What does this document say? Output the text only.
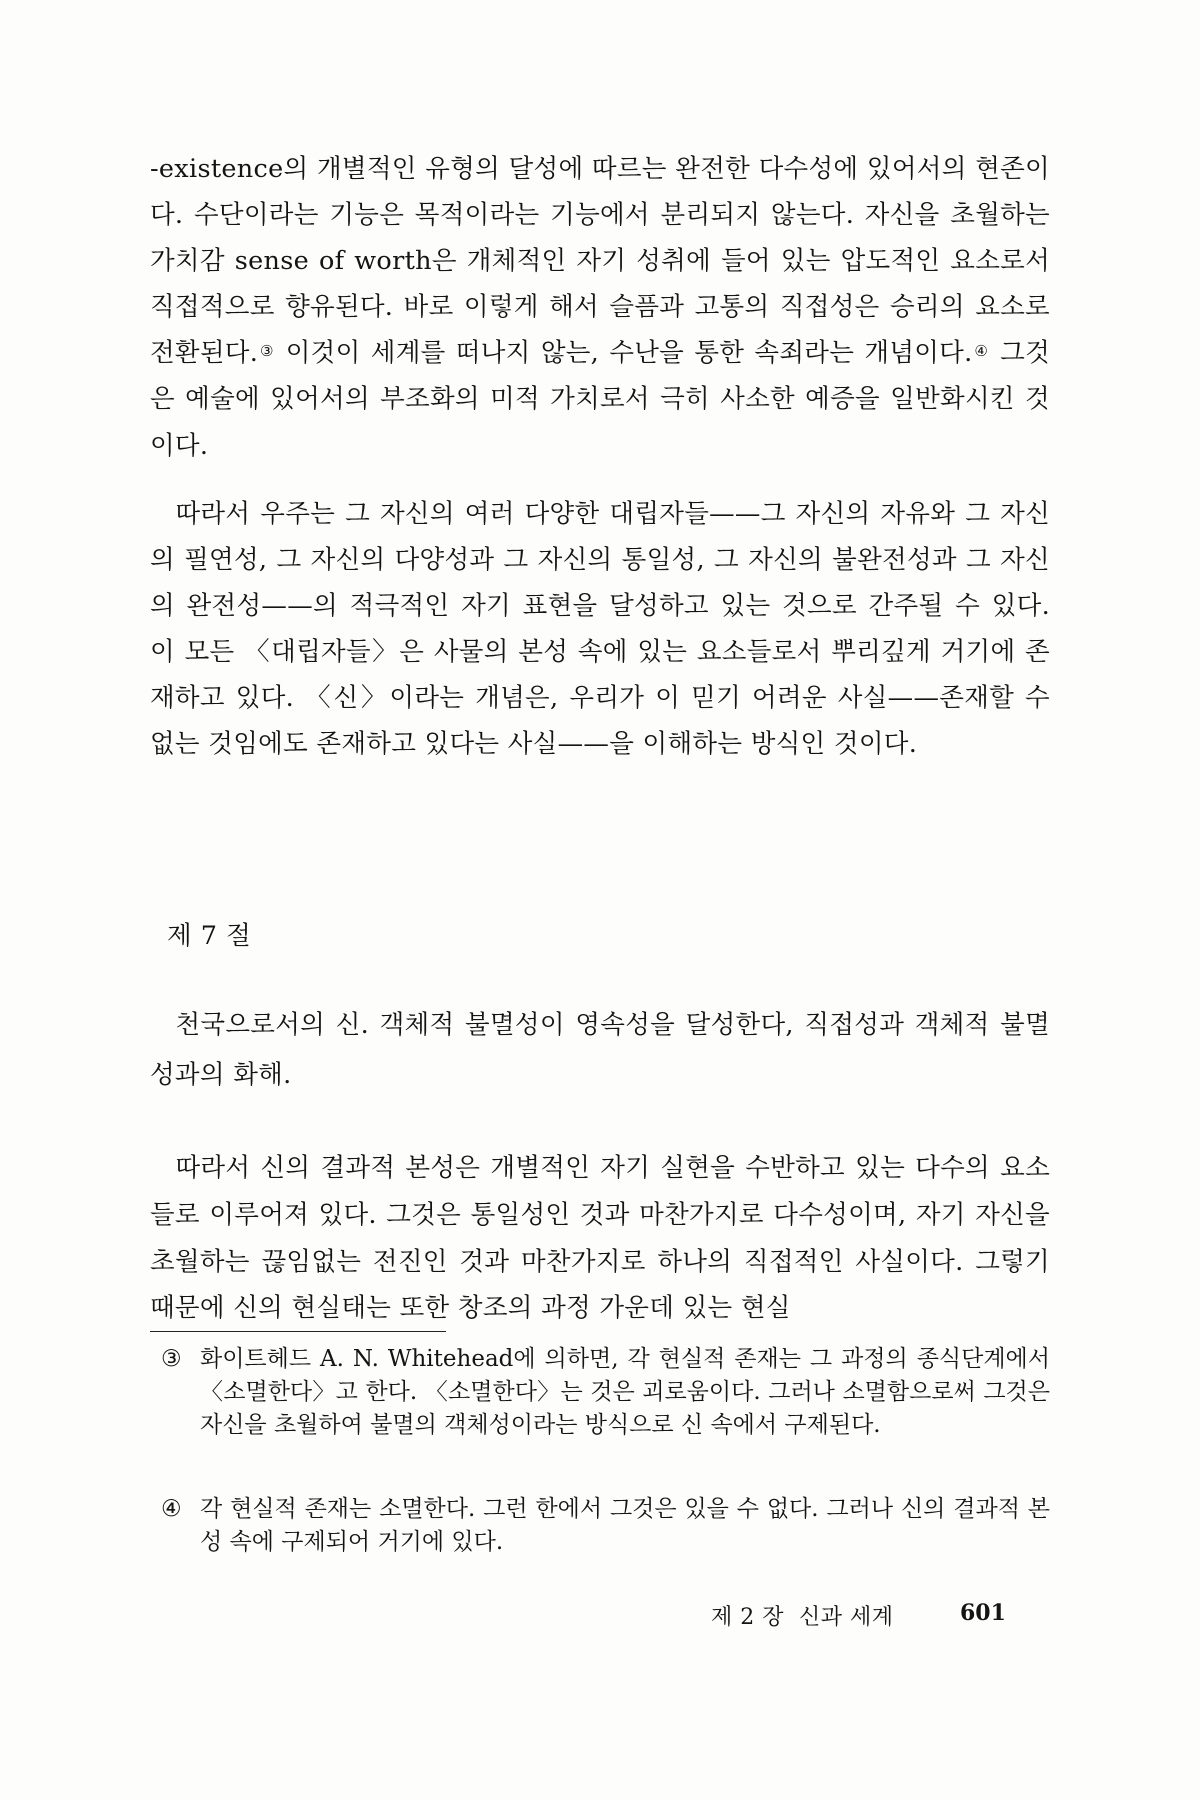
-existence의 개별적인 유형의 달성에 따르는 완전한 다수성에 있어서의 현존이다. 수단이라는 기능은 목적이라는 기능에서 분리되지 않는다. 자신을 초월하는 가치감 sense of worth은 개체적인 자기 성취에 들어 있는 압도적인 요소로서 직접적으로 향유된다. 바로 이렇게 해서 슬픔과 고통의 직접성은 승리의 요소로 전환된다.③ 이것이 세계를 떠나지 않는, 수난을 통한 속죄라는 개념이다.④ 그것은 예술에 있어서의 부조화의 미적 가치로서 극히 사소한 예증을 일반화시킨 것이다.

따라서 우주는 그 자신의 여러 다양한 대립자들——그 자신의 자유와 그 자신의 필연성, 그 자신의 다양성과 그 자신의 통일성, 그 자신의 불완전성과 그 자신의 완전성——의 적극적인 자기 표현을 달성하고 있는 것으로 간주될 수 있다. 이 모든 〈대립자들〉은 사물의 본성 속에 있는 요소들로서 뿌리깊게 거기에 존재하고 있다. 〈신〉이라는 개념은, 우리가 이 믿기 어려운 사실——존재할 수 없는 것임에도 존재하고 있다는 사실——을 이해하는 방식인 것이다.

제 7 절

천국으로서의 신. 객체적 불멸성이 영속성을 달성한다, 직접성과 객체적 불멸성과의 화해.

따라서 신의 결과적 본성은 개별적인 자기 실현을 수반하고 있는 다수의 요소들로 이루어져 있다. 그것은 통일성인 것과 마찬가지로 다수성이며, 자기 자신을 초월하는 끊임없는 전진인 것과 마찬가지로 하나의 직접적인 사실이다. 그렇기 때문에 신의 현실태는 또한 창조의 과정 가운데 있는 현실

③ 화이트헤드 A. N. Whitehead에 의하면, 각 현실적 존재는 그 과정의 종식단계에서 〈소멸한다〉고 한다. 〈소멸한다〉는 것은 괴로움이다. 그러나 소멸함으로써 그것은 자신을 초월하여 불멸의 객체성이라는 방식으로 신 속에서 구제된다.
④ 각 현실적 존재는 소멸한다. 그런 한에서 그것은 있을 수 없다. 그러나 신의 결과적 본성 속에 구제되어 거기에 있다.

제 2 장  신과 세계	601
